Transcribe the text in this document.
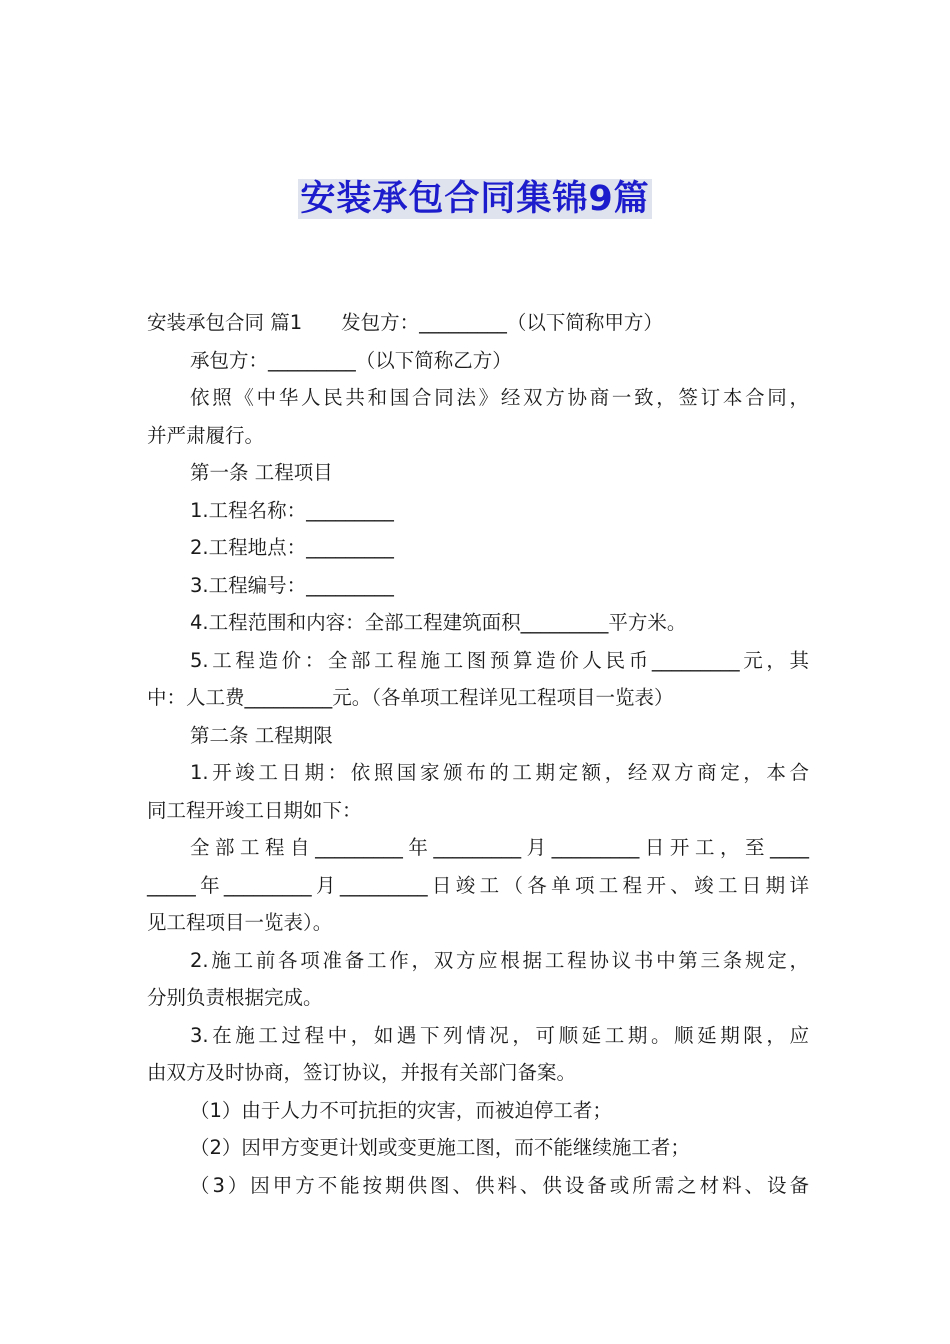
安装承包合同集锦9篇
安装承包合同 篇1　　发包方：_________（以下简称甲方）
承包方：_________（以下简称乙方）
依照《中华人民共和国合同法》经双方协商一致，签订本合同，
并严肃履行。
第一条 工程项目
1.工程名称：_________
2.工程地点：_________
3.工程编号：_________
4.工程范围和内容：全部工程建筑面积_________平方米。
5.工程造价：全部工程施工图预算造价人民币_________元，其
中：人工费_________元。（各单项工程详见工程项目一览表）
第二条 工程期限
1.开竣工日期：依照国家颁布的工期定额，经双方商定，本合
同工程开竣工日期如下：
全部工程自_________年_________月_________日开工，至____
_____年_________月_________日竣工（各单项工程开、竣工日期详
见工程项目一览表）。
2.施工前各项准备工作，双方应根据工程协议书中第三条规定，
分别负责根据完成。
3.在施工过程中，如遇下列情况，可顺延工期。顺延期限，应
由双方及时协商，签订协议，并报有关部门备案。
（1）由于人力不可抗拒的灾害，而被迫停工者；
（2）因甲方变更计划或变更施工图，而不能继续施工者；
（3）因甲方不能按期供图、供料、供设备或所需之材料、设备
